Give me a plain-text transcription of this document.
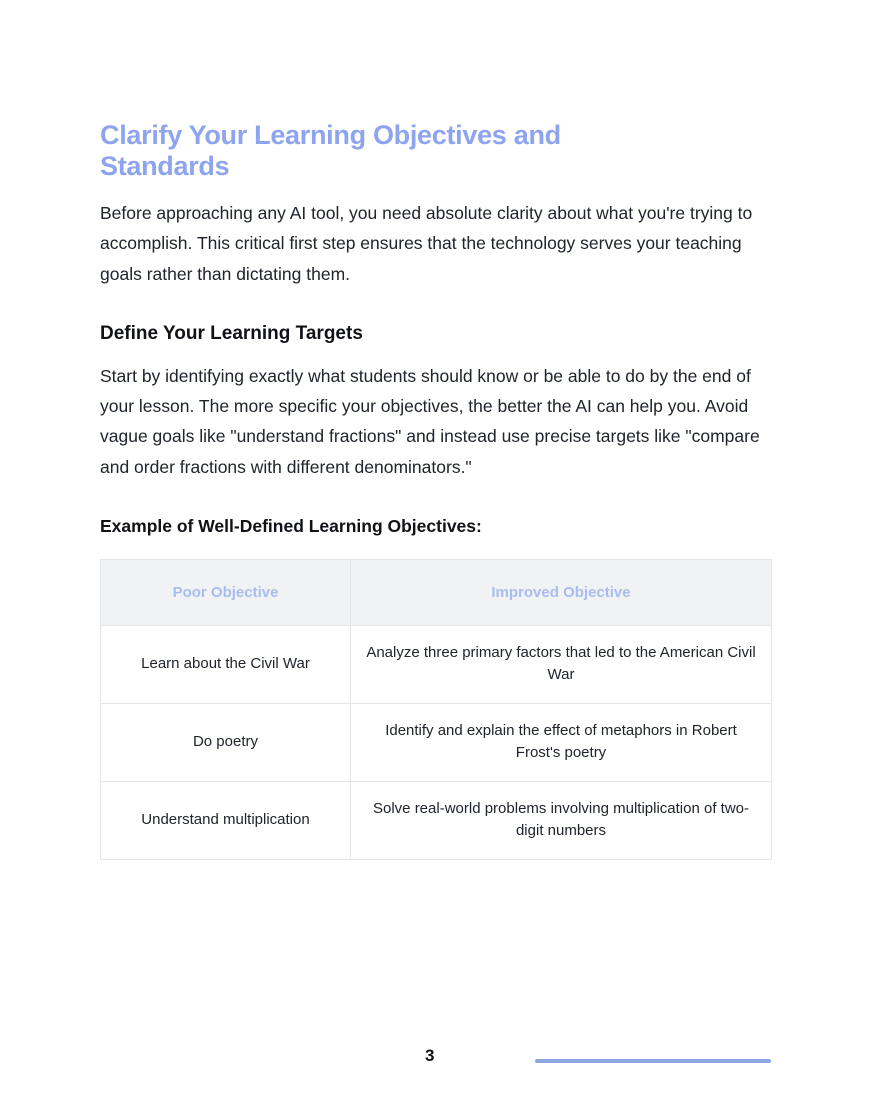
Clarify Your Learning Objectives and Standards

Before approaching any AI tool, you need absolute clarity about what you're trying to accomplish. This critical first step ensures that the technology serves your teaching goals rather than dictating them.

Define Your Learning Targets

Start by identifying exactly what students should know or be able to do by the end of your lesson. The more specific your objectives, the better the AI can help you. Avoid vague goals like "understand fractions" and instead use precise targets like "compare and order fractions with different denominators."

Example of Well-Defined Learning Objectives:
Poor Objective	Improved Objective
Learn about the Civil War	Analyze three primary factors that led to the American Civil War
Do poetry	Identify and explain the effect of metaphors in Robert Frost's poetry
Understand multiplication	Solve real-world problems involving multiplication of two-digit numbers
3
